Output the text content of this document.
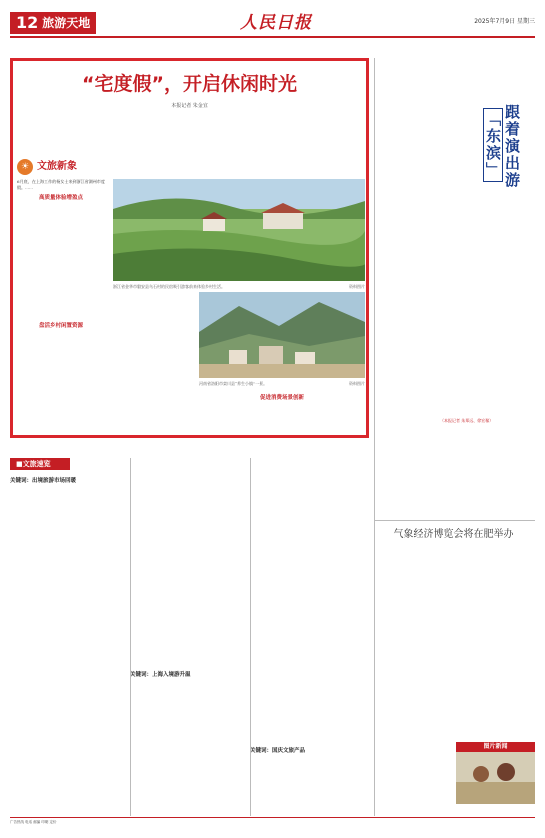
12 旅游天地	人民日报	2025年7月9日 星期三
“宅度假”，开启休闲时光
本报记者 朱金宜
☀ 文旅新象
6月底，在上海工作的杨女士来到浙江省湖州市度假。……
高质量体验增盈点
盘活乡村闲置资源
浙江省金华市磐安县乌石村的民宿吸引游客前来体验乡村生活。	资料图片
河南省洛阳市栾川县“养生小镇”一景。	资料图片
促进消费场景创新
■文旅速览
关键词：出境旅游市场回暖
关键词：上海入境游升温
关键词：国庆文旅产品
跟着演出游 「东滨」
（本报记者 朱郑远、徐宏稼）
气象经济博览会将在肥举办
图片新闻
广告热线 电话 邮编 印刷 定价
